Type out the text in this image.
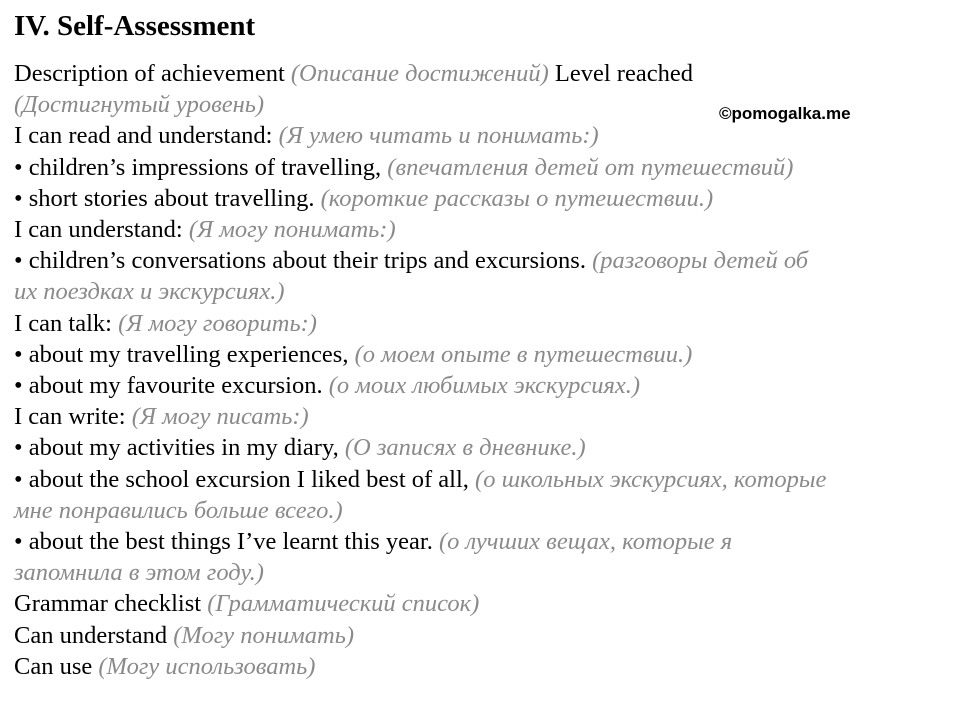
IV. Self-Assessment

Description of achievement (Описание достижений) Level reached

(Достигнутый уровень)

I can read and understand: (Я умею читать и понимать:)

• children’s impressions of travelling, (впечатления детей от путешествий)

• short stories about travelling. (короткие рассказы о путешествии.)

I can understand: (Я могу понимать:)

• children’s conversations about their trips and excursions. (разговоры детей об

их поездках и экскурсиях.)

I can talk: (Я могу говорить:)

• about my travelling experiences, (о моем опыте в путешествии.)

• about my favourite excursion. (о моих любимых экскурсиях.)

I can write: (Я могу писать:)

• about my activities in my diary, (О записях в дневнике.)

• about the school excursion I liked best of all, (о школьных экскурсиях, которые

мне понравились больше всего.)

• about the best things I’ve learnt this year. (о лучших вещах, которые я

запомнила в этом году.)

Grammar checklist (Грамматический список)

Can understand (Могу понимать)

Can use (Могу использовать)

©pomogalka.me
